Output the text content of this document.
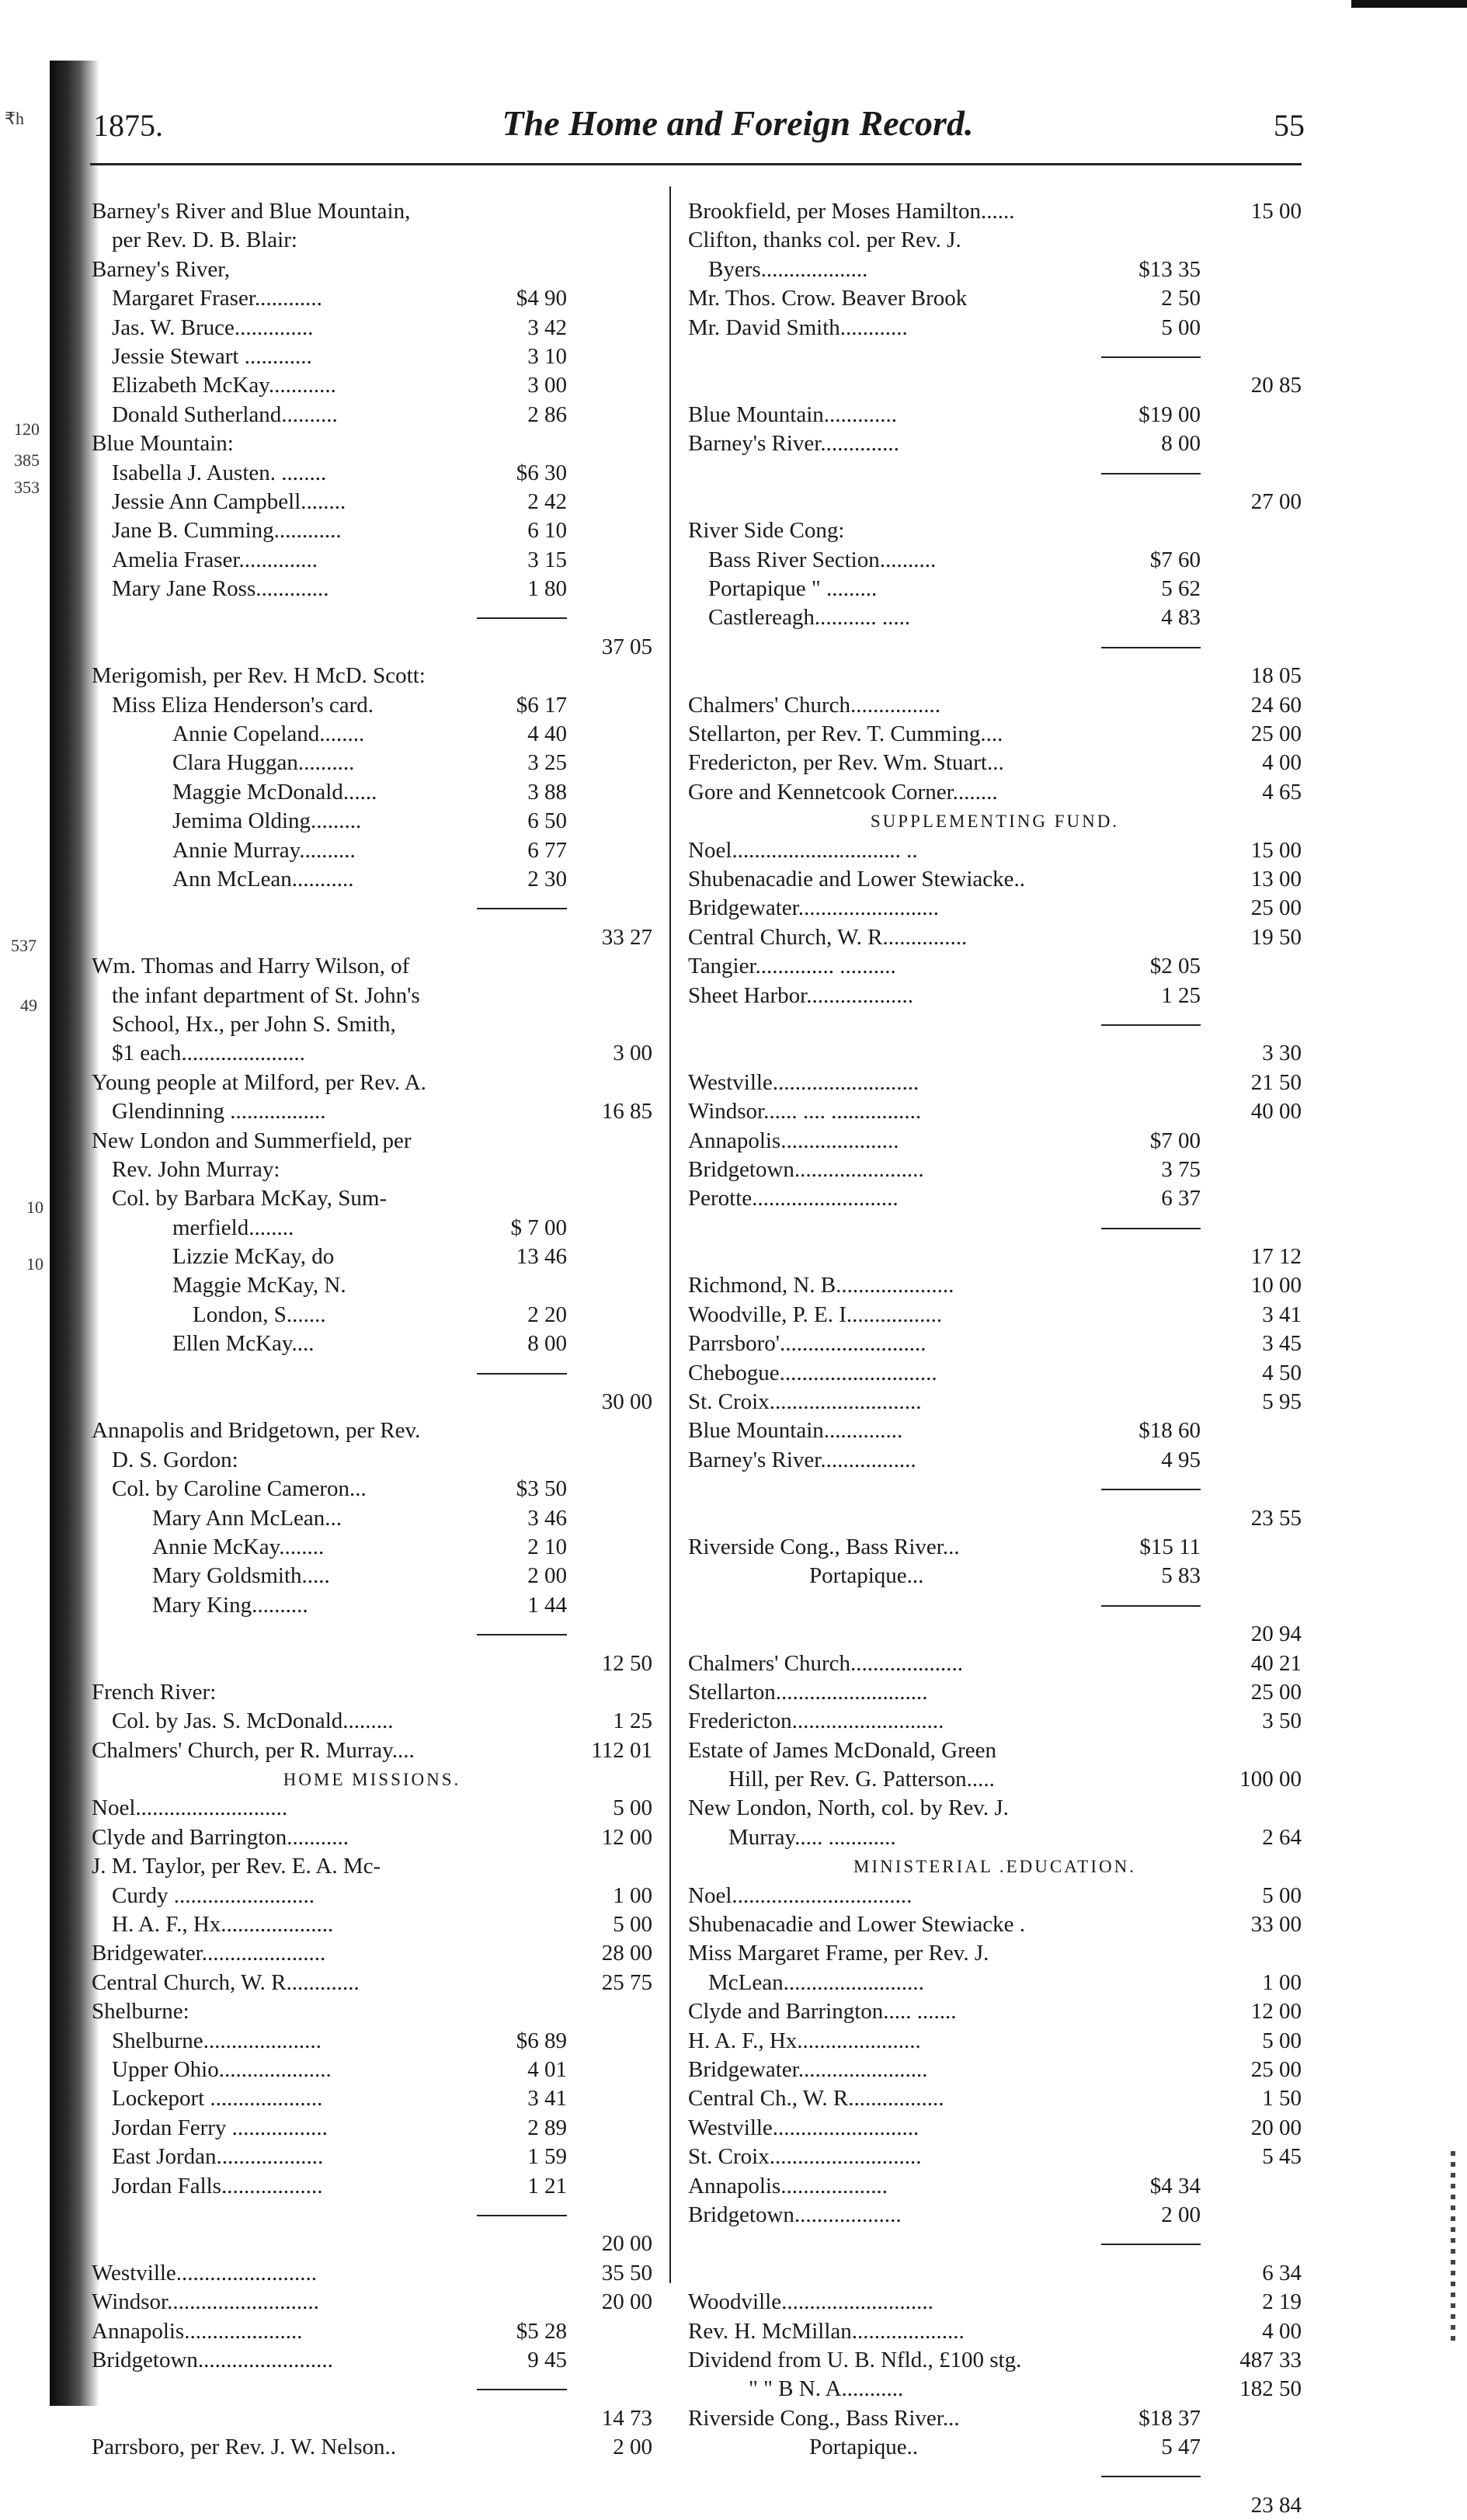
₹h
120
385
353
537
49
10
10
1875.	The Home and Foreign Record.	55
Barney's River and Blue Mountain,
per Rev. D. B. Blair:
Barney's River,
Margaret Fraser............	$4 90
Jas. W. Bruce..............	3 42
Jessie Stewart ............	3 10
Elizabeth McKay............	3 00
Donald Sutherland..........	2 86
Blue Mountain:
Isabella J. Austen. ........	$6 30
Jessie Ann Campbell........	2 42
Jane B. Cumming............	6 10
Amelia Fraser..............	3 15
Mary Jane Ross.............	1 80
37 05
Merigomish, per Rev. H McD. Scott:
Miss Eliza Henderson's card.	$6 17
Annie Copeland........	4 40
Clara Huggan..........	3 25
Maggie McDonald......	3 88
Jemima Olding.........	6 50
Annie Murray..........	6 77
Ann McLean...........	2 30
33 27
Wm. Thomas and Harry Wilson, of
the infant department of St. John's
School, Hx., per John S. Smith,
$1 each......................	3 00
Young people at Milford, per Rev. A.
Glendinning .................	16 85
New London and Summerfield, per
Rev. John Murray:
Col. by Barbara McKay, Sum-
merfield........	$ 7 00
Lizzie McKay, do	13 46
Maggie McKay, N.
London, S.......	2 20
Ellen McKay....	8 00
30 00
Annapolis and Bridgetown, per Rev.
D. S. Gordon:
Col. by Caroline Cameron...	$3 50
Mary Ann McLean...	3 46
Annie McKay........	2 10
Mary Goldsmith.....	2 00
Mary King..........	1 44
12 50
French River:
Col. by Jas. S. McDonald.........	1 25
Chalmers' Church, per R. Murray....	112 01
HOME MISSIONS.
Noel...........................	5 00
Clyde and Barrington...........	12 00
J. M. Taylor, per Rev. E. A. Mc-
Curdy .........................	1 00
H. A. F., Hx....................	5 00
Bridgewater......................	28 00
Central Church, W. R.............	25 75
Shelburne:
Shelburne.....................	$6 89
Upper Ohio....................	4 01
Lockeport ....................	3 41
Jordan Ferry .................	2 89
East Jordan...................	1 59
Jordan Falls..................	1 21
20 00
Westville.........................	35 50
Windsor...........................	20 00
Annapolis.....................	$5 28
Bridgetown........................	9 45
14 73
Parrsboro, per Rev. J. W. Nelson..	2 00
Brookfield, per Moses Hamilton......	15 00
Clifton, thanks col. per Rev. J.
Byers...................	$13 35
Mr. Thos. Crow. Beaver Brook	2 50
Mr. David Smith............	5 00
20 85
Blue Mountain.............	$19 00
Barney's River..............	8 00
27 00
River Side Cong:
Bass River Section..........	$7 60
Portapique " .........	5 62
Castlereagh........... .....	4 83
18 05
Chalmers' Church................	24 60
Stellarton, per Rev. T. Cumming....	25 00
Fredericton, per Rev. Wm. Stuart...	4 00
Gore and Kennetcook Corner........	4 65
SUPPLEMENTING FUND.
Noel.............................. ..	15 00
Shubenacadie and Lower Stewiacke..	13 00
Bridgewater.........................	25 00
Central Church, W. R...............	19 50
Tangier.............. ..........	$2 05
Sheet Harbor...................	1 25
3 30
Westville..........................	21 50
Windsor...... .... ................	40 00
Annapolis.....................	$7 00
Bridgetown.......................	3 75
Perotte..........................	6 37
17 12
Richmond, N. B.....................	10 00
Woodville, P. E. I.................	3 41
Parrsboro'..........................	3 45
Chebogue............................	4 50
St. Croix...........................	5 95
Blue Mountain..............	$18 60
Barney's River.................	4 95
23 55
Riverside Cong., Bass River...	$15 11
Portapique...	5 83
20 94
Chalmers' Church....................	40 21
Stellarton...........................	25 00
Fredericton...........................	3 50
Estate of James McDonald, Green
Hill, per Rev. G. Patterson.....	100 00
New London, North, col. by Rev. J.
Murray..... ............	2 64
MINISTERIAL .EDUCATION.
Noel................................	5 00
Shubenacadie and Lower Stewiacke .	33 00
Miss Margaret Frame, per Rev. J.
McLean.........................	1 00
Clyde and Barrington..... .......	12 00
H. A. F., Hx......................	5 00
Bridgewater.......................	25 00
Central Ch., W. R.................	1 50
Westville..........................	20 00
St. Croix...........................	5 45
Annapolis...................	$4 34
Bridgetown...................	2 00
6 34
Woodville...........................	2 19
Rev. H. McMillan....................	4 00
Dividend from U. B. Nfld., £100 stg.	487 33
" " B N. A...........	182 50
Riverside Cong., Bass River...	$18 37
Portapique..	5 47
23 84
